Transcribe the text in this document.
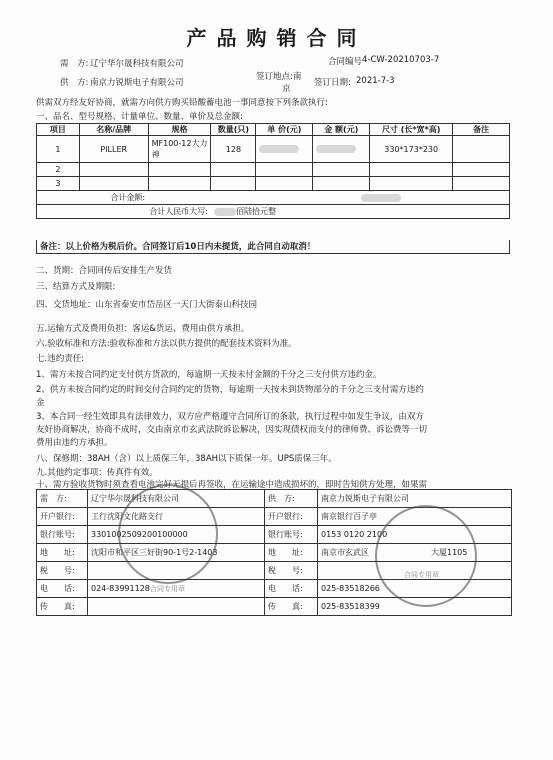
产品购销合同
需　方: 辽宁华尔晟科技有限公司	合同编号 4-CW-20210703-7
供　方: 南京力锐斯电子有限公司
签订地点:南
京
签订日期: 2021-7-3
供需双方经友好协商，就需方向供方购买铅酸蓄电池一事同意按下列条款执行:
一、品名、型号规格、计量单位、数量、单价及总金额:
项目	名称/品牌	规格	数量(只)	单 价(元)	金 额(元)	尺寸 (长*宽*高)	备注
1	PILLER	MF100-12大力神	128			330*173*230	
2							
3							
合计金额:							
合计人民币大写:			佰陆拾元整				
备注：以上价格为税后价。合同签订后10日内未提货，此合同自动取消！
二、货期：合同回传后安排生产发货
三、结算方式及期限:
四、交货地址：山东省泰安市岱岳区一天门大街泰山科技园
五.运输方式及费用负担：客运&货运、费用由供方承担。
六.验收标准和方法:验收标准和方法以供方提供的配套技术资料为准。
七.违约责任:
1、需方未按合同约定支付供方货款的，每逾期一天按未付金额的千分之三支付供方违约金。
2、供方未按合同约定的时间交付合同约定的货物，每逾期一天按未到货物部分的千分之三支付需方违约
金
3、本合同一经生效即具有法律效力，双方应严格遵守合同所订的条款，执行过程中如发生争议，由双方
友好协商解决，协商不成时，交由南京市玄武法院诉讼解决，因实现债权而支付的律师费、诉讼费等一切
费用由违约方承担。
八、保修期：38AH（含）以上质保三年，38AH以下质保一年。UPS质保三年。
九.其他约定事项：传真件有效。
十、需方验收货物时须查看电池完好无损后再签收，在运输途中造成损坏的，即时告知供方处理，如果需
需　方:	辽宁华尔晟科技有限公司	供　方:	南京力锐斯电子有限公司
开户银行:	工行沈阳文化路支行	开户银行:	南京银行百子亭
银行账号:	3301002509200100000	银行账号:	0153 0120 2100
地　　址:	沈阳市和平区三好街90-1号2-1403	地　　址:	南京市玄武区 大厦1105
税　　号:		税　　号:	
电　　话:	024-83991128	电　　话:	025-83518266
传　　真:		传　　真:	025-83518399
合同专用章
合同专用章
